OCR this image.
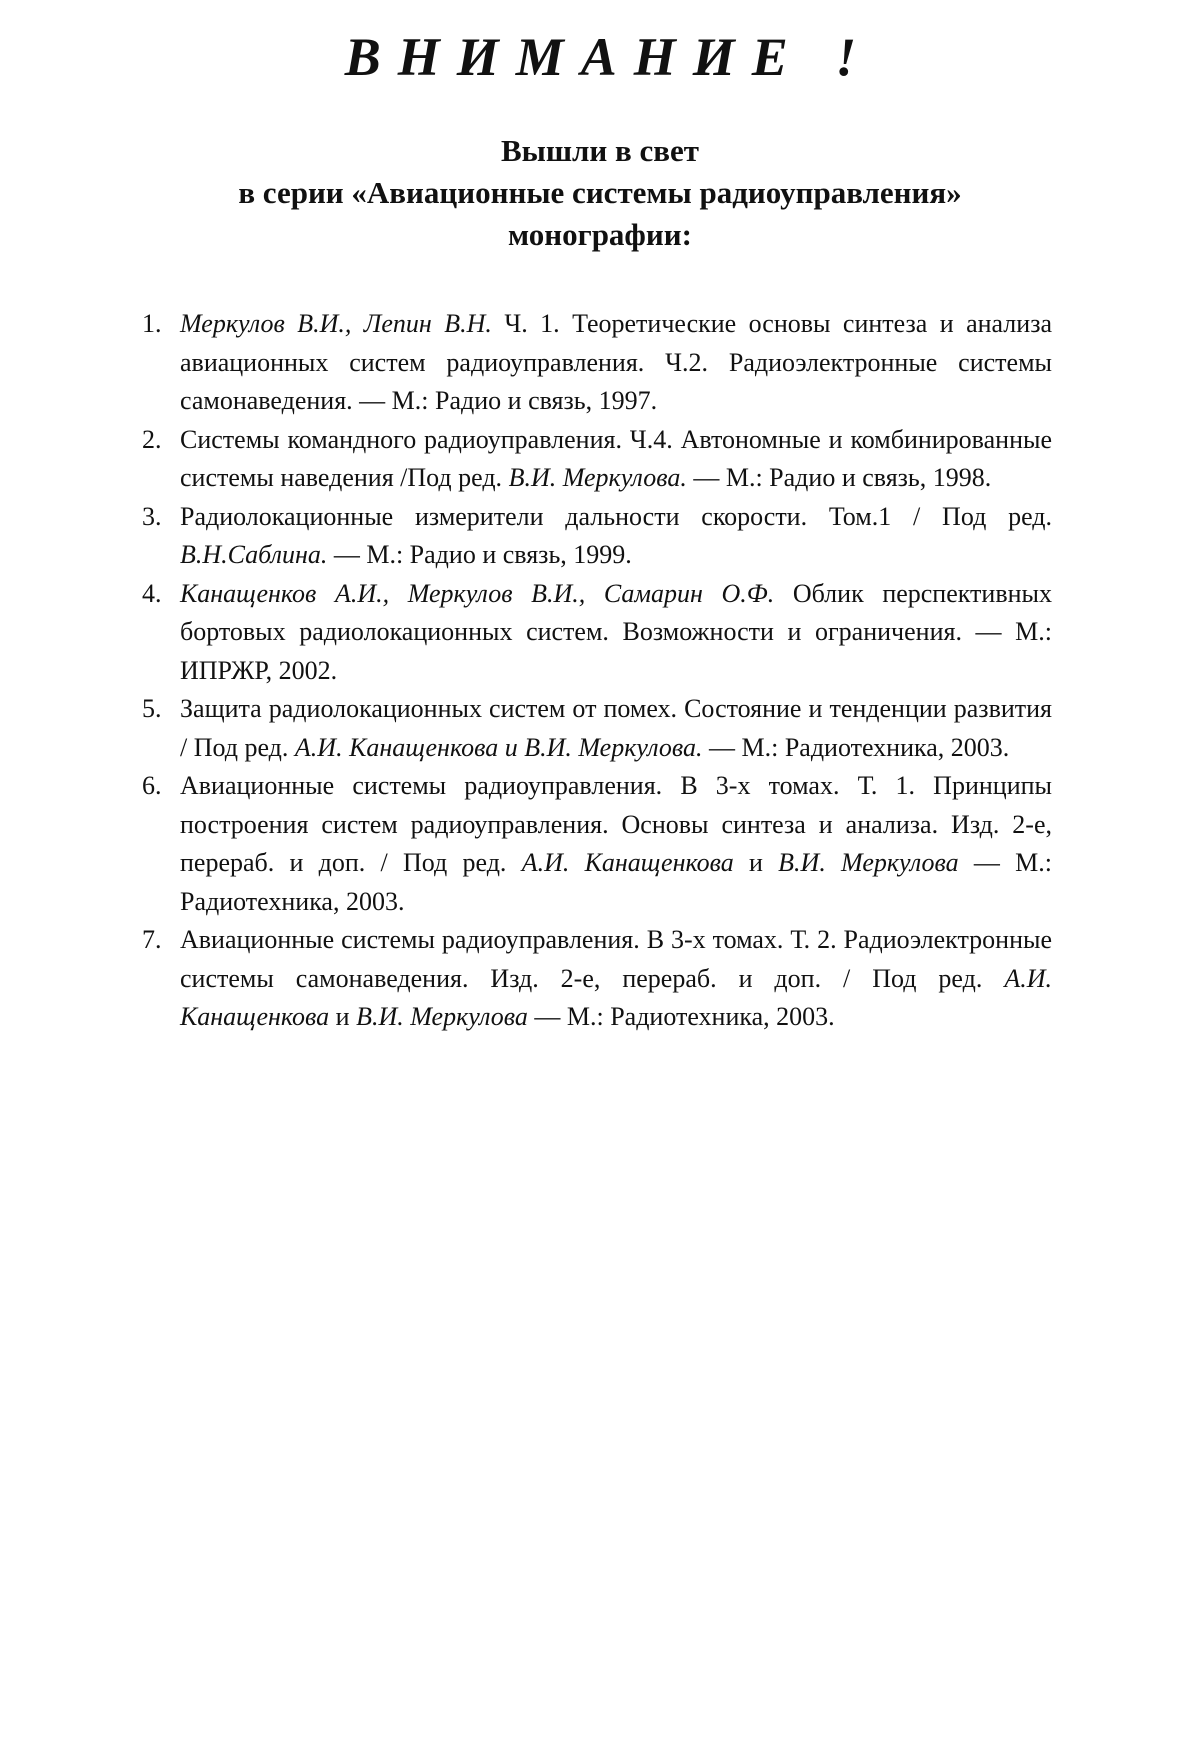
ВНИМАНИЕ !
Вышли в свет
в серии «Авиационные системы радиоуправления»
монографии:
1. Меркулов В.И., Лепин В.Н. Ч. 1. Теоретические основы синтеза и анализа авиационных систем радиоуправления. Ч.2. Радиоэлектронные системы самонаведения. — М.: Радио и связь, 1997.
2. Системы командного радиоуправления. Ч.4. Автономные и комбинированные системы наведения /Под ред. В.И. Меркулова. — М.: Радио и связь, 1998.
3. Радиолокационные измерители дальности скорости. Том.1 / Под ред. В.Н.Саблина. — М.: Радио и связь, 1999.
4. Канащенков А.И., Меркулов В.И., Самарин О.Ф. Облик перспективных бортовых радиолокационных систем. Возможности и ограничения. — М.: ИПРЖР, 2002.
5. Защита радиолокационных систем от помех. Состояние и тенденции развития / Под ред. А.И. Канащенкова и В.И. Меркулова. — М.: Радиотехника, 2003.
6. Авиационные системы радиоуправления. В 3-х томах. Т. 1. Принципы построения систем радиоуправления. Основы синтеза и анализа. Изд. 2-е, перераб. и доп. / Под ред. А.И. Канащенкова и В.И. Меркулова — М.: Радиотехника, 2003.
7. Авиационные системы радиоуправления. В 3-х томах. Т. 2. Радиоэлектронные системы самонаведения. Изд. 2-е, перераб. и доп. / Под ред. А.И. Канащенкова и В.И. Меркулова — М.: Радиотехника, 2003.
